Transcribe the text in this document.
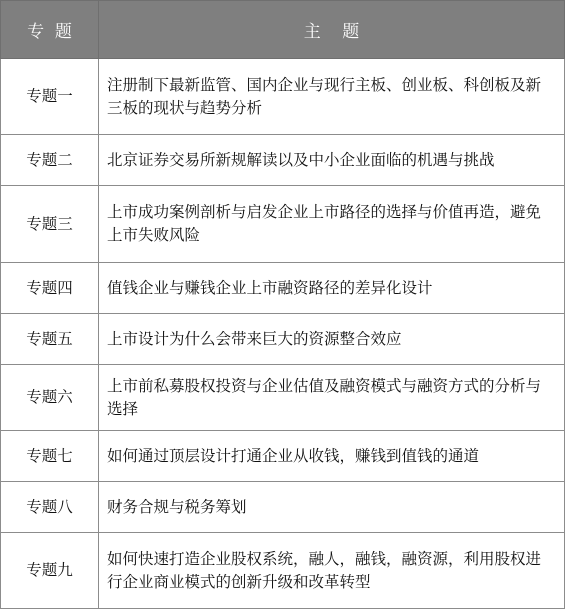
专  题	主    题
专题一	注册制下最新监管、国内企业与现行主板、创业板、科创板及新三板的现状与趋势分析
专题二	北京证券交易所新规解读以及中小企业面临的机遇与挑战
专题三	上市成功案例剖析与启发企业上市路径的选择与价值再造，避免上市失败风险
专题四	值钱企业与赚钱企业上市融资路径的差异化设计
专题五	上市设计为什么会带来巨大的资源整合效应
专题六	上市前私募股权投资与企业估值及融资模式与融资方式的分析与选择
专题七	如何通过顶层设计打通企业从收钱，赚钱到值钱的通道
专题八	财务合规与税务筹划
专题九	如何快速打造企业股权系统，融人，融钱，融资源，利用股权进行企业商业模式的创新升级和改革转型
